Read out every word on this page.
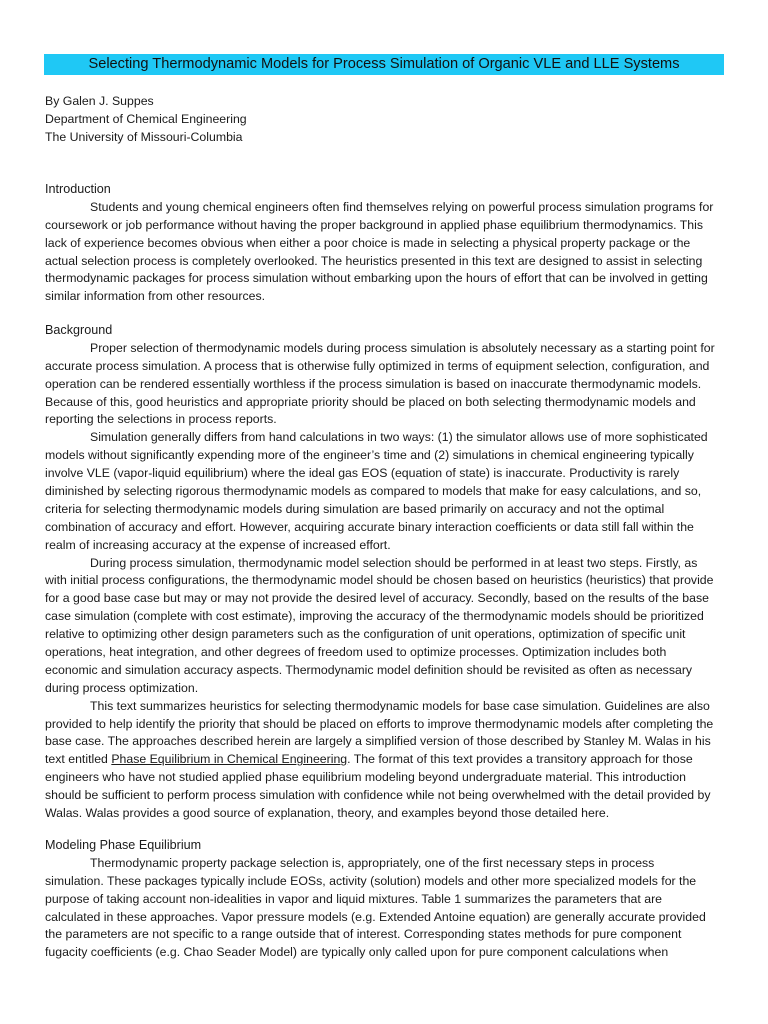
Selecting Thermodynamic Models for Process Simulation of Organic VLE and LLE Systems
By Galen J. Suppes
Department of Chemical Engineering
The University of Missouri-Columbia
Introduction
Students and young chemical engineers often find themselves relying on powerful process simulation programs for
coursework or job performance without having the proper background in applied phase equilibrium thermodynamics. This
lack of experience becomes obvious when either a poor choice is made in selecting a physical property package or the
actual selection process is completely overlooked. The heuristics presented in this text are designed to assist in selecting
thermodynamic packages for process simulation without embarking upon the hours of effort that can be involved in getting
similar information from other resources.
Background
Proper selection of thermodynamic models during process simulation is absolutely necessary as a starting point for
accurate process simulation. A process that is otherwise fully optimized in terms of equipment selection, configuration, and
operation can be rendered essentially worthless if the process simulation is based on inaccurate thermodynamic models.
Because of this, good heuristics and appropriate priority should be placed on both selecting thermodynamic models and
reporting the selections in process reports.
Simulation generally differs from hand calculations in two ways: (1) the simulator allows use of more sophisticated
models without significantly expending more of the engineer’s time and (2) simulations in chemical engineering typically
involve VLE (vapor-liquid equilibrium) where the ideal gas EOS (equation of state) is inaccurate. Productivity is rarely
diminished by selecting rigorous thermodynamic models as compared to models that make for easy calculations, and so,
criteria for selecting thermodynamic models during simulation are based primarily on accuracy and not the optimal
combination of accuracy and effort. However, acquiring accurate binary interaction coefficients or data still fall within the
realm of increasing accuracy at the expense of increased effort.
During process simulation, thermodynamic model selection should be performed in at least two steps. Firstly, as
with initial process configurations, the thermodynamic model should be chosen based on heuristics (heuristics) that provide
for a good base case but may or may not provide the desired level of accuracy. Secondly, based on the results of the base
case simulation (complete with cost estimate), improving the accuracy of the thermodynamic models should be prioritized
relative to optimizing other design parameters such as the configuration of unit operations, optimization of specific unit
operations, heat integration, and other degrees of freedom used to optimize processes. Optimization includes both
economic and simulation accuracy aspects. Thermodynamic model definition should be revisited as often as necessary
during process optimization.
This text summarizes heuristics for selecting thermodynamic models for base case simulation. Guidelines are also
provided to help identify the priority that should be placed on efforts to improve thermodynamic models after completing the
base case. The approaches described herein are largely a simplified version of those described by Stanley M. Walas in his
text entitled Phase Equilibrium in Chemical Engineering. The format of this text provides a transitory approach for those
engineers who have not studied applied phase equilibrium modeling beyond undergraduate material. This introduction
should be sufficient to perform process simulation with confidence while not being overwhelmed with the detail provided by
Walas. Walas provides a good source of explanation, theory, and examples beyond those detailed here.
Modeling Phase Equilibrium
Thermodynamic property package selection is, appropriately, one of the first necessary steps in process
simulation. These packages typically include EOSs, activity (solution) models and other more specialized models for the
purpose of taking account non-idealities in vapor and liquid mixtures. Table 1 summarizes the parameters that are
calculated in these approaches. Vapor pressure models (e.g. Extended Antoine equation) are generally accurate provided
the parameters are not specific to a range outside that of interest. Corresponding states methods for pure component
fugacity coefficients (e.g. Chao Seader Model) are typically only called upon for pure component calculations when
